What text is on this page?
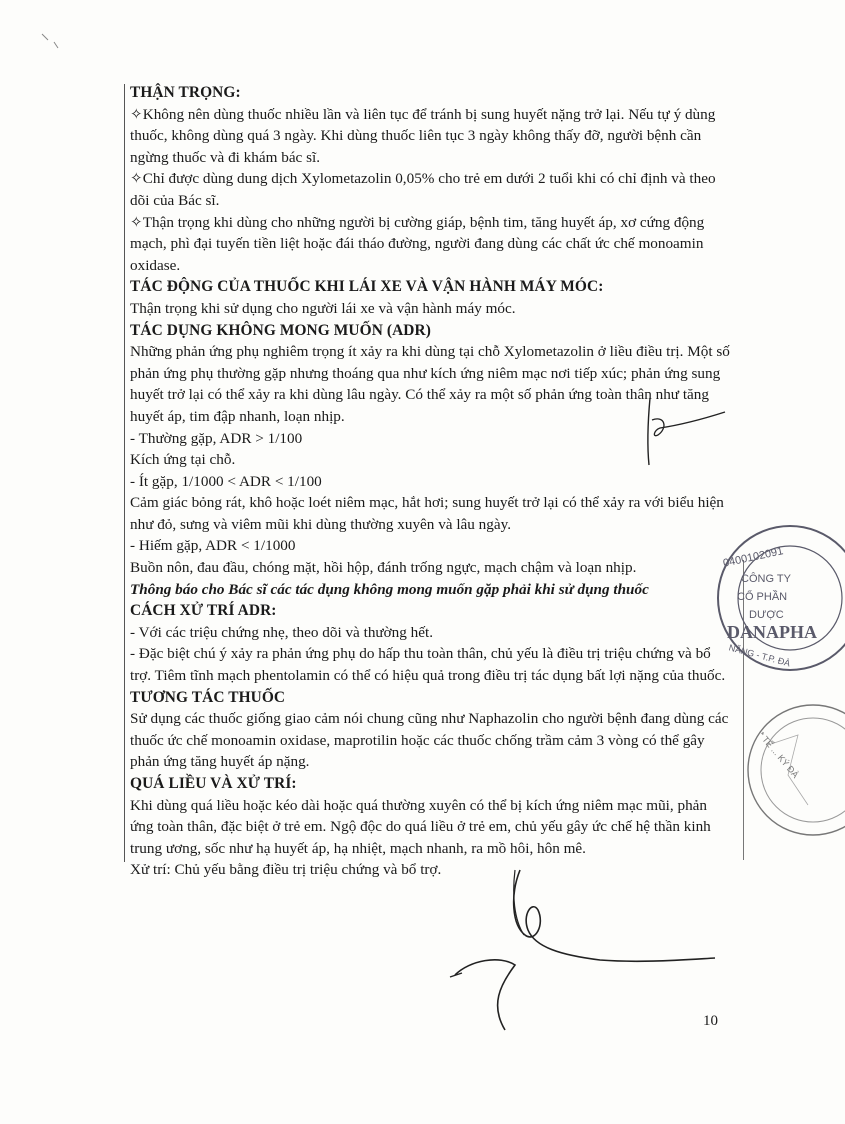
THẬN TRỌNG:

✧ Không nên dùng thuốc nhiều lần và liên tục để tránh bị sung huyết nặng trở lại. Nếu tự ý dùng thuốc, không dùng quá 3 ngày. Khi dùng thuốc liên tục 3 ngày không thấy đỡ, người bệnh cần ngừng thuốc và đi khám bác sĩ.

✧ Chỉ được dùng dung dịch Xylometazolin 0,05% cho trẻ em dưới 2 tuổi khi có chỉ định và theo dõi của Bác sĩ.

✧ Thận trọng khi dùng cho những người bị cường giáp, bệnh tim, tăng huyết áp, xơ cứng động mạch, phì đại tuyến tiền liệt hoặc đái tháo đường, người đang dùng các chất ức chế monoamin oxidase.

TÁC ĐỘNG CỦA THUỐC KHI LÁI XE VÀ VẬN HÀNH MÁY MÓC:

Thận trọng khi sử dụng cho người lái xe và vận hành máy móc.

TÁC DỤNG KHÔNG MONG MUỐN (ADR)

Những phản ứng phụ nghiêm trọng ít xảy ra khi dùng tại chỗ Xylometazolin ở liều điều trị. Một số phản ứng phụ thường gặp nhưng thoáng qua như kích ứng niêm mạc nơi tiếp xúc; phản ứng sung huyết trở lại có thể xảy ra khi dùng lâu ngày. Có thể xảy ra một số phản ứng toàn thân như tăng huyết áp, tim đập nhanh, loạn nhịp.

- Thường gặp, ADR > 1/100

Kích ứng tại chỗ.

- Ít gặp, 1/1000 < ADR < 1/100

Cảm giác bỏng rát, khô hoặc loét niêm mạc, hắt hơi; sung huyết trở lại có thể xảy ra với biểu hiện như đỏ, sưng và viêm mũi khi dùng thường xuyên và lâu ngày.

- Hiếm gặp, ADR < 1/1000

Buồn nôn, đau đầu, chóng mặt, hồi hộp, đánh trống ngực, mạch chậm và loạn nhịp.

Thông báo cho Bác sĩ các tác dụng không mong muốn gặp phải khi sử dụng thuốc

CÁCH XỬ TRÍ ADR:

- Với các triệu chứng nhẹ, theo dõi và thường hết.

- Đặc biệt chú ý xảy ra phản ứng phụ do hấp thu toàn thân, chủ yếu là điều trị triệu chứng và bổ trợ. Tiêm tĩnh mạch phentolamin có thể có hiệu quả trong điều trị tác dụng bất lợi nặng của thuốc.

TƯƠNG TÁC THUỐC

Sử dụng các thuốc giống giao cảm nói chung cũng như Naphazolin cho người bệnh đang dùng các thuốc ức chế monoamin oxidase, maprotilin hoặc các thuốc chống trầm cảm 3 vòng có thể gây phản ứng tăng huyết áp nặng.

QUÁ LIỀU VÀ XỬ TRÍ:

Khi dùng quá liều hoặc kéo dài hoặc quá thường xuyên có thể bị kích ứng niêm mạc mũi, phản ứng toàn thân, đặc biệt ở trẻ em. Ngộ độc do quá liều ở trẻ em, chủ yếu gây ức chế hệ thần kinh trung ương, sốc như hạ huyết áp, hạ nhiệt, mạch nhanh, ra mồ hôi, hôn mê.

Xử trí: Chủ yếu bằng điều trị triệu chứng và bổ trợ.

0400102091
CÔNG TY
CỔ PHẦN
DƯỢC
DANAPHA
NĂNG - T.P. ĐÀ
* TẾ ... KÝ ĐÀ
10
